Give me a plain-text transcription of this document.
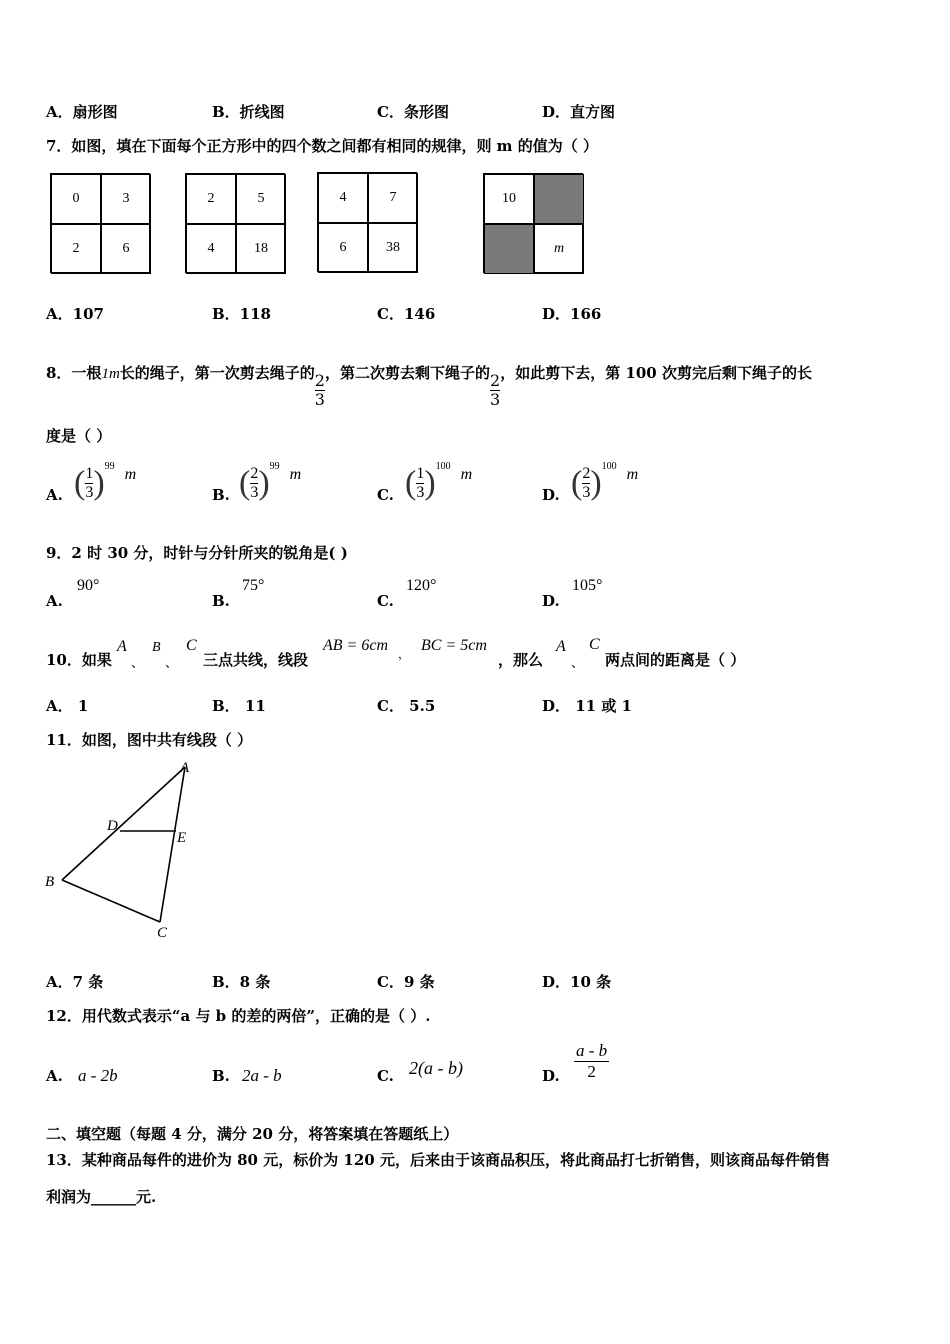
A．扇形图	B．折线图	C．条形图	D．直方图
7．如图，填在下面每个正方形中的四个数之间都有相同的规律，则 m 的值为（ ）
0	3
2	6
2	5
4	18
4	7
6	38
10
m
A．107	B．118	C．146	D．166
8．一根1m长的绳子，第一次剪去绳子的 $\frac{2}{3}$ ，第二次剪去剩下绳子的 $\frac{2}{3}$ ，如此剪下去，第 100 次剪完后剩下绳子的长
度是（ ）
A. ( $\frac{1}{3} )^{99}$ m
B. ( $\frac{2}{3} )^{99}$ m
C. ( $\frac{1}{3} )^{100}$ m
D. ( $\frac{2}{3} )^{100}$ m
9．2 时 30 分，时针与分针所夹的锐角是( )
A.
90°
B.
75°
C.
120°
D.
105°
10．如果
A
、
B
、
C
三点共线，线段
AB = 6cm ， BC = 5cm
，那么
A
、
C
两点间的距离是（ ）
A． 1	B． 11	C． 5.5	D． 11 或 1
11．如图，图中共有线段（ ）
A
D
E
B
C
A．7 条	B．8 条	C．9 条	D．10 条
12．用代数式表示“a 与 b 的差的两倍”，正确的是（ ）.
A. a - 2b	B. 2a - b	C. 2(a - b)	D. $\frac{a - b}{2}$
二、填空题（每题 4 分，满分 20 分，将答案填在答题纸上）
13．某种商品每件的进价为 80 元，标价为 120 元，后来由于该商品积压，将此商品打七折销售，则该商品每件销售
利润为______元.
